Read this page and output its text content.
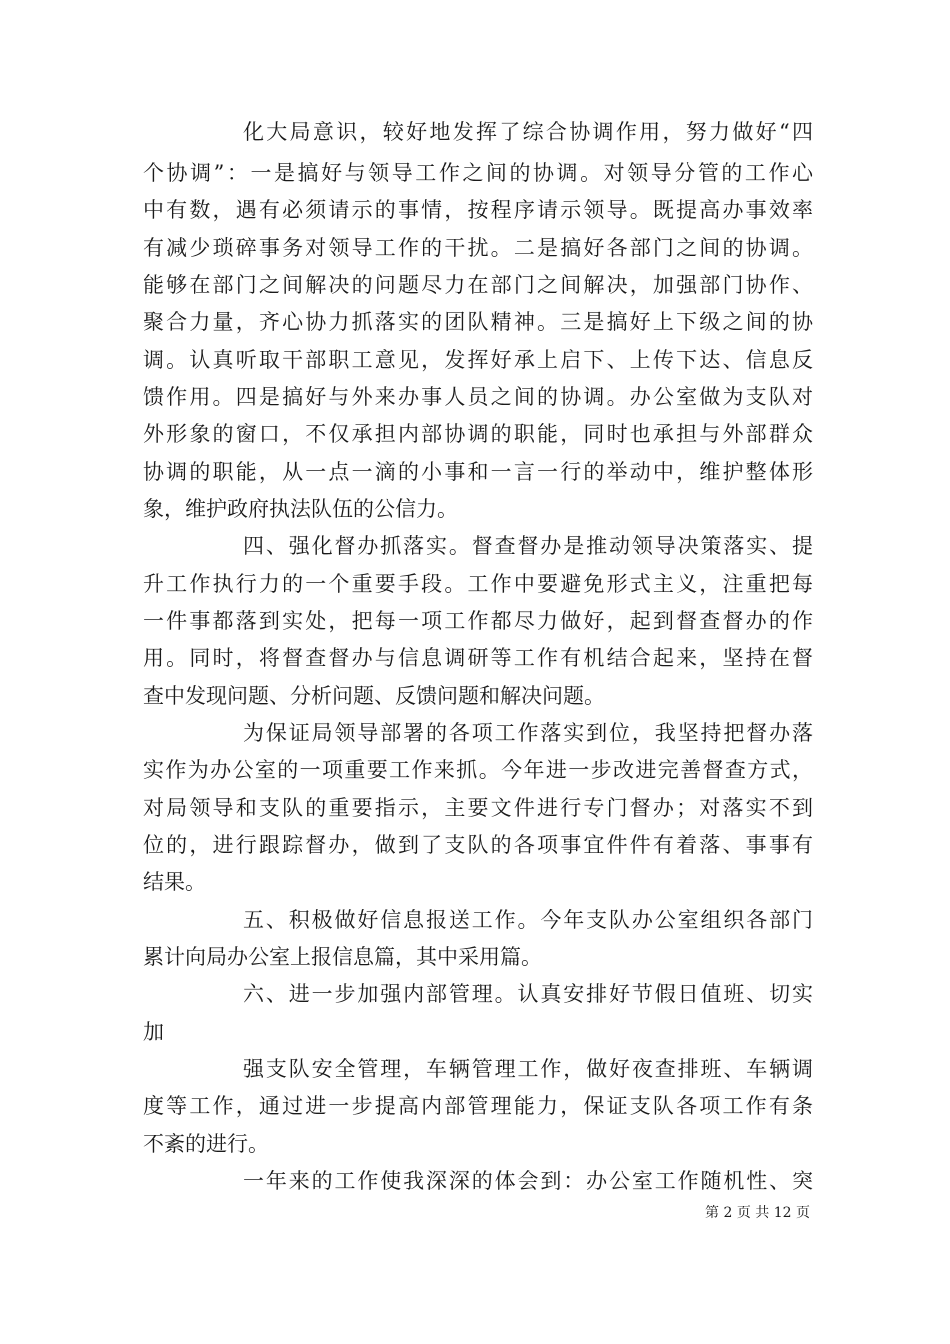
化大局意识，较好地发挥了综合协调作用，努力做好“四
个协调”：一是搞好与领导工作之间的协调。对领导分管的工作心
中有数，遇有必须请示的事情，按程序请示领导。既提高办事效率
有减少琐碎事务对领导工作的干扰。二是搞好各部门之间的协调。
能够在部门之间解决的问题尽力在部门之间解决，加强部门协作、
聚合力量，齐心协力抓落实的团队精神。三是搞好上下级之间的协
调。认真听取干部职工意见，发挥好承上启下、上传下达、信息反
馈作用。四是搞好与外来办事人员之间的协调。办公室做为支队对
外形象的窗口，不仅承担内部协调的职能，同时也承担与外部群众
协调的职能，从一点一滴的小事和一言一行的举动中，维护整体形
象，维护政府执法队伍的公信力。
四、强化督办抓落实。督查督办是推动领导决策落实、提
升工作执行力的一个重要手段。工作中要避免形式主义，注重把每
一件事都落到实处，把每一项工作都尽力做好，起到督查督办的作
用。同时，将督查督办与信息调研等工作有机结合起来，坚持在督
查中发现问题、分析问题、反馈问题和解决问题。
为保证局领导部署的各项工作落实到位，我坚持把督办落
实作为办公室的一项重要工作来抓。今年进一步改进完善督查方式，
对局领导和支队的重要指示，主要文件进行专门督办；对落实不到
位的，进行跟踪督办，做到了支队的各项事宜件件有着落、事事有
结果。
五、积极做好信息报送工作。今年支队办公室组织各部门
累计向局办公室上报信息篇，其中采用篇。
六、进一步加强内部管理。认真安排好节假日值班、切实
加
强支队安全管理，车辆管理工作，做好夜查排班、车辆调
度等工作，通过进一步提高内部管理能力，保证支队各项工作有条
不紊的进行。
一年来的工作使我深深的体会到：办公室工作随机性、突
第 2 页 共 12 页
